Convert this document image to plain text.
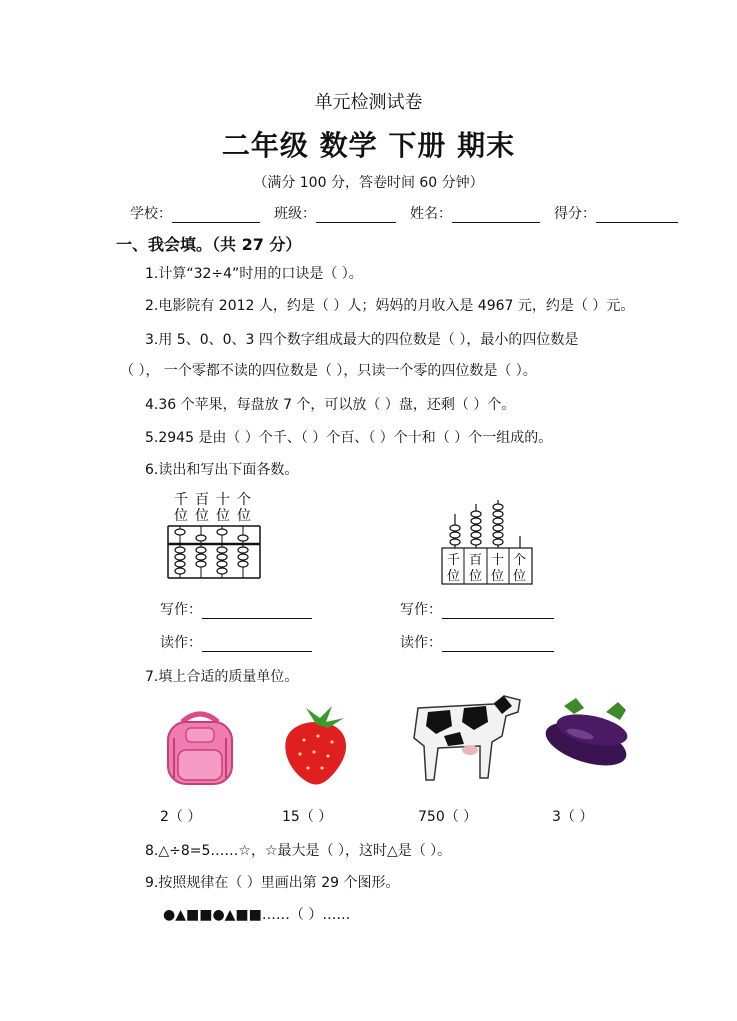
单元检测试卷
二年级 数学 下册 期末
（满分 100 分，答卷时间 60 分钟）
学校：	班级：	姓名：	得分：
一、我会填。（共 27 分）
1.计算“32÷4”时用的口诀是（ ）。
2.电影院有 2012 人，约是（ ）人；妈妈的月收入是 4967 元，约是（ ）元。
3.用 5、0、0、3 四个数字组成最大的四位数是（ ），最小的四位数是
（ ）， 一个零都不读的四位数是（ ），只读一个零的四位数是（ ）。
4.36 个苹果，每盘放 7 个，可以放（ ）盘，还剩（ ）个。
5.2945 是由（ ）个千、（ ）个百、（ ）个十和（ ）个一组成的。
6.读出和写出下面各数。
千 百 十 个
位 位 位 位
千 百 十 个
位 位 位 位
写作：	写作：
读作：	读作：
7.填上合适的质量单位。
2（ ）	15（ ）	750（ ）	3（ ）
8.△÷8=5……☆，☆最大是（ ），这时△是（ ）。
9.按照规律在（ ）里画出第 29 个图形。
●▲■■●▲■■……（ ）……
